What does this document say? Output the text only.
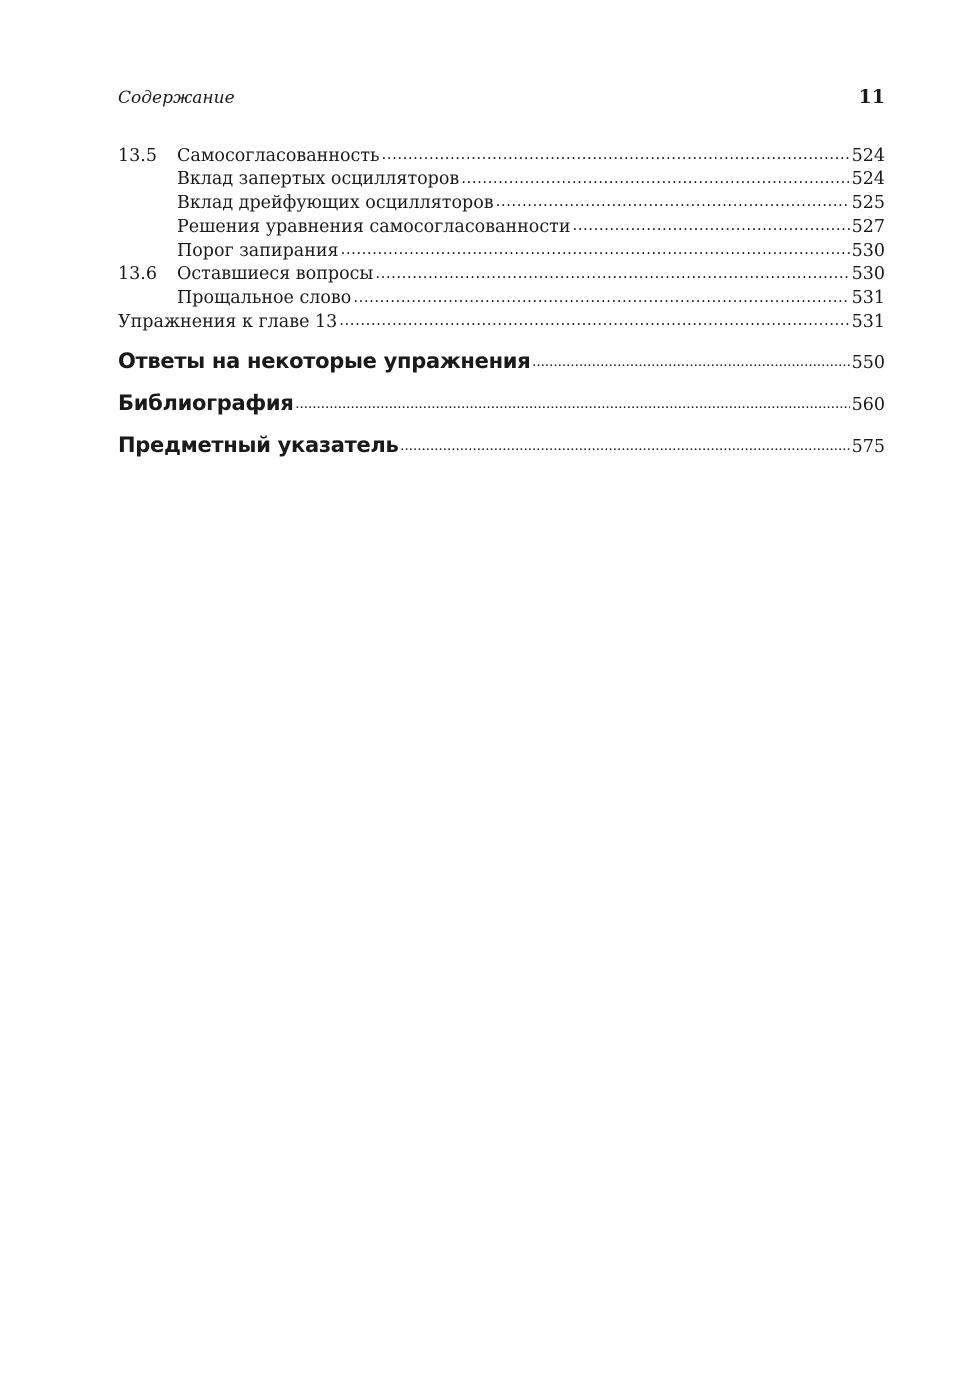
Содержание	11
13.5	Самосогласованность .....	524
Вклад запертых осцилляторов .....	524
Вклад дрейфующих осцилляторов .....	525
Решения уравнения самосогласованности .....	527
Порог запирания .....	530
13.6	Оставшиеся вопросы .....	530
Прощальное слово .....	531
Упражнения к главе 13 .....	531
Ответы на некоторые упражнения .....	550
Библиография .....	560
Предметный указатель .....	575
